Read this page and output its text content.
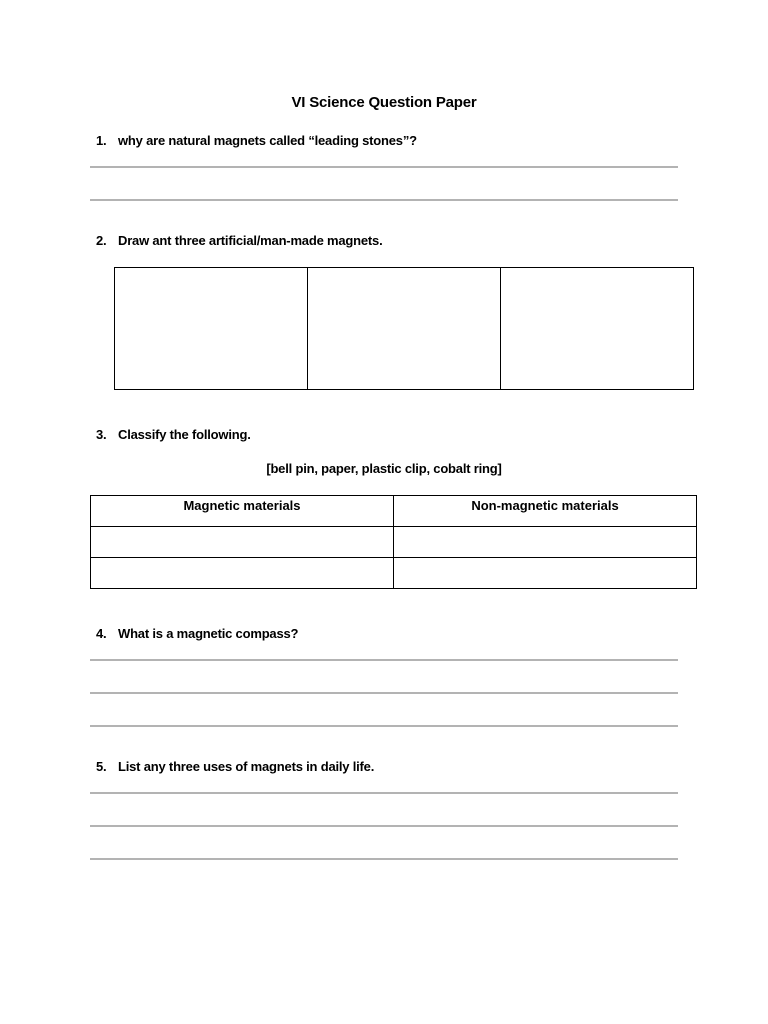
VI Science Question Paper
1. why are natural magnets called “leading stones”?
2. Draw ant three artificial/man-made magnets.

3. Classify the following.
[bell pin, paper, plastic clip, cobalt ring]
Magnetic materials	Non-magnetic materials

4. What is a magnetic compass?
5. List any three uses of magnets in daily life.
